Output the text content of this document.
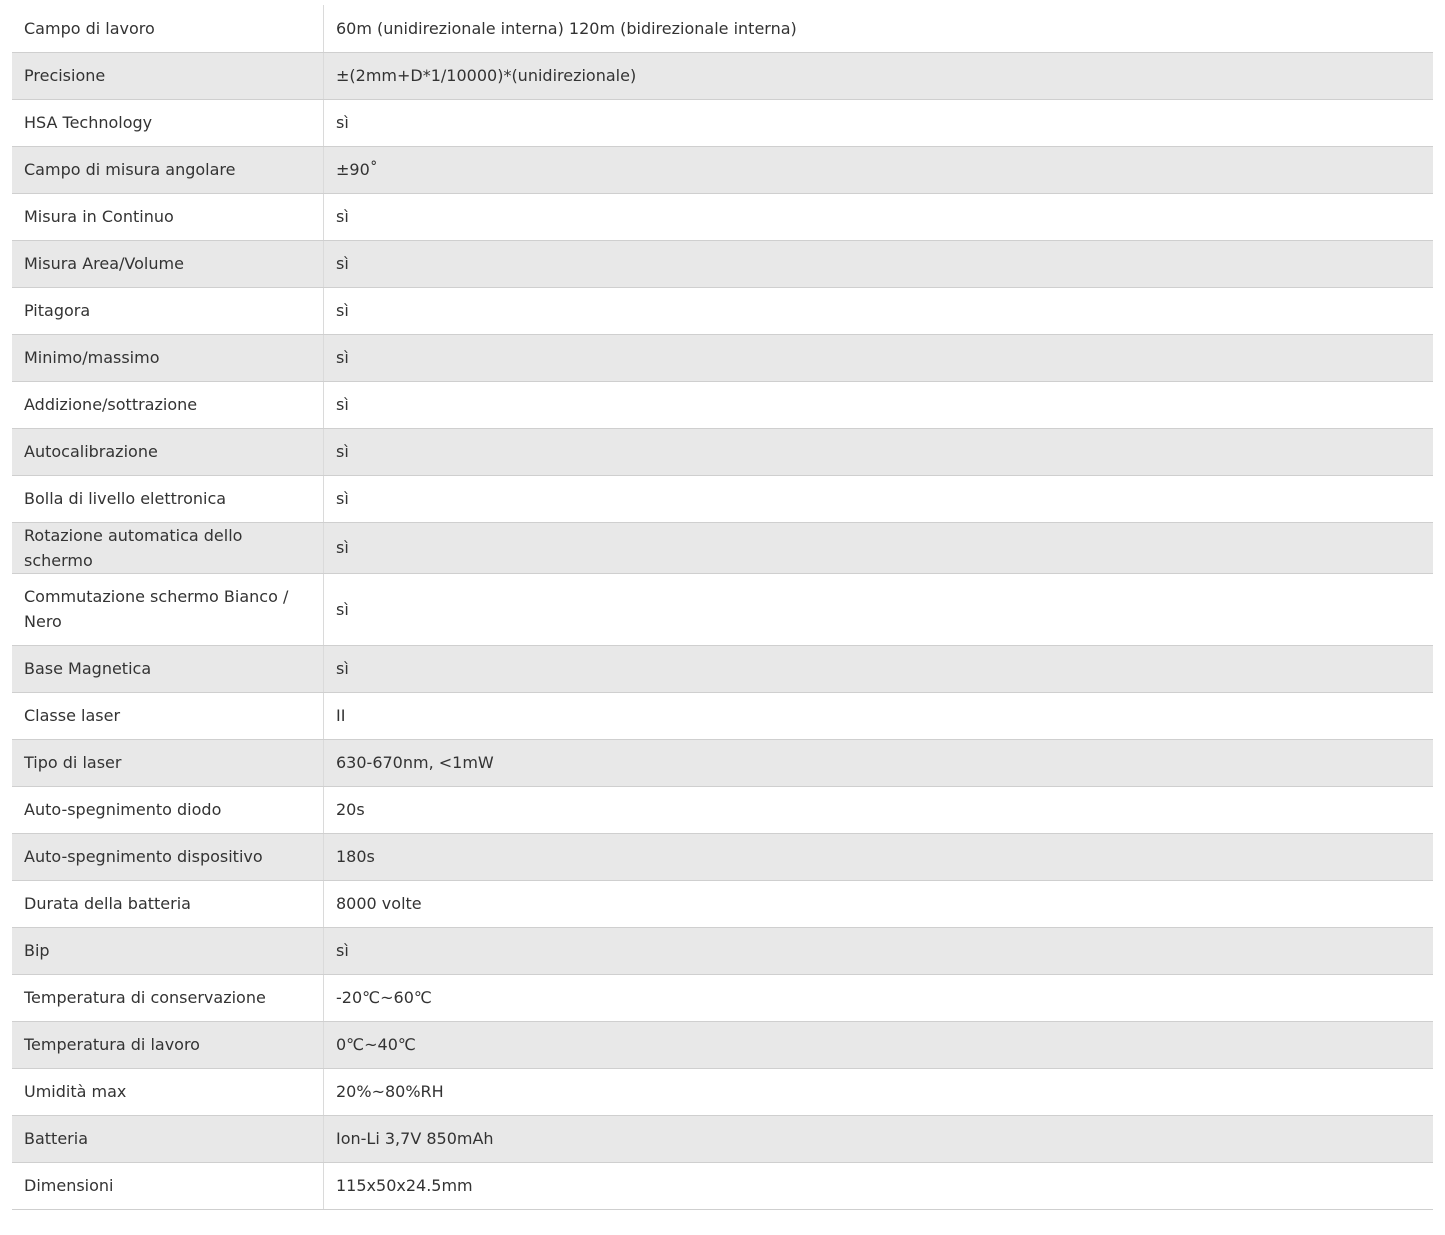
Campo di lavoro	60m (unidirezionale interna) 120m (bidirezionale interna)
Precisione	±(2mm+D*1/10000)*(unidirezionale)
HSA Technology	sì
Campo di misura angolare	±90˚
Misura in Continuo	sì
Misura Area/Volume	sì
Pitagora	sì
Minimo/massimo	sì
Addizione/sottrazione	sì
Autocalibrazione	sì
Bolla di livello elettronica	sì
Rotazione automatica dello schermo	sì
Commutazione schermo Bianco / Nero	sì
Base Magnetica	sì
Classe laser	II
Tipo di laser	630-670nm, <1mW
Auto-spegnimento diodo	20s
Auto-spegnimento dispositivo	180s
Durata della batteria	8000 volte
Bip	sì
Temperatura di conservazione	-20℃~60℃
Temperatura di lavoro	0℃~40℃
Umidità max	20%~80%RH
Batteria	Ion-Li 3,7V 850mAh
Dimensioni	115x50x24.5mm
